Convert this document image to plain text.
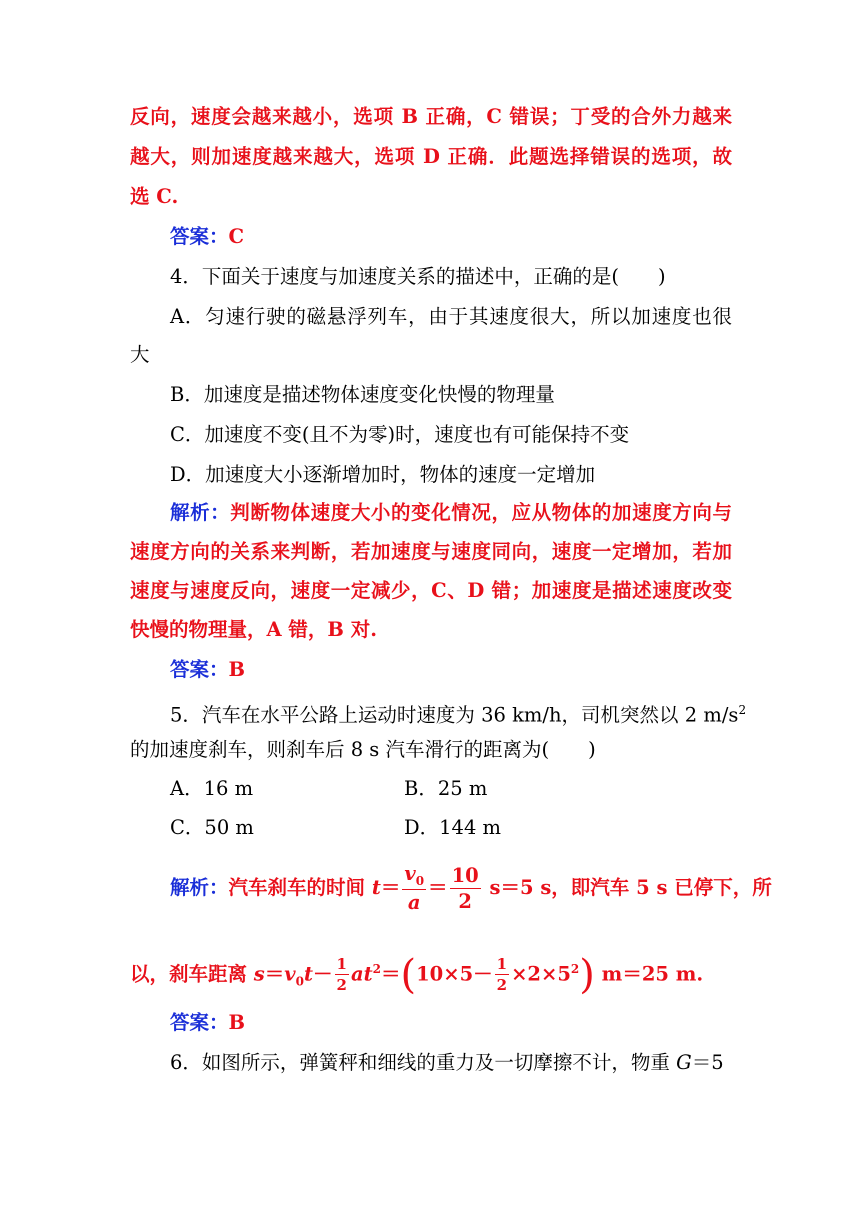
反向，速度会越来越小，选项 B 正确，C 错误；丁受的合外力越来
越大，则加速度越来越大，选项 D 正确．此题选择错误的选项，故
选 C.
答案：C
4．下面关于速度与加速度关系的描述中，正确的是(　　)
A．匀速行驶的磁悬浮列车，由于其速度很大，所以加速度也很
大
B．加速度是描述物体速度变化快慢的物理量
C．加速度不变(且不为零)时，速度也有可能保持不变
D．加速度大小逐渐增加时，物体的速度一定增加
解析：判断物体速度大小的变化情况，应从物体的加速度方向与
速度方向的关系来判断，若加速度与速度同向，速度一定增加，若加
速度与速度反向，速度一定减少，C、D 错；加速度是描述速度改变
快慢的物理量，A 错，B 对.
答案：B
5．汽车在水平公路上运动时速度为 36 km/h，司机突然以 2 $m/s^2$
的加速度刹车，则刹车后 8 s 汽车滑行的距离为(　　)
A．16 m	B．25 m
C．50 m	D．144 m
解析：汽车刹车的时间 $t= \frac{v_0}{a} = \frac{10}{2} s=5$ s，即汽车 5 s 已停下，所
以，刹车距离 $s=v_0t- \frac{1}{2} at^2=(10\times 5- \frac{1}{2} \times 2\times 5^2)$ m＝25 m.
答案：B
6．如图所示，弹簧秤和细线的重力及一切摩擦不计，物重 G＝5
